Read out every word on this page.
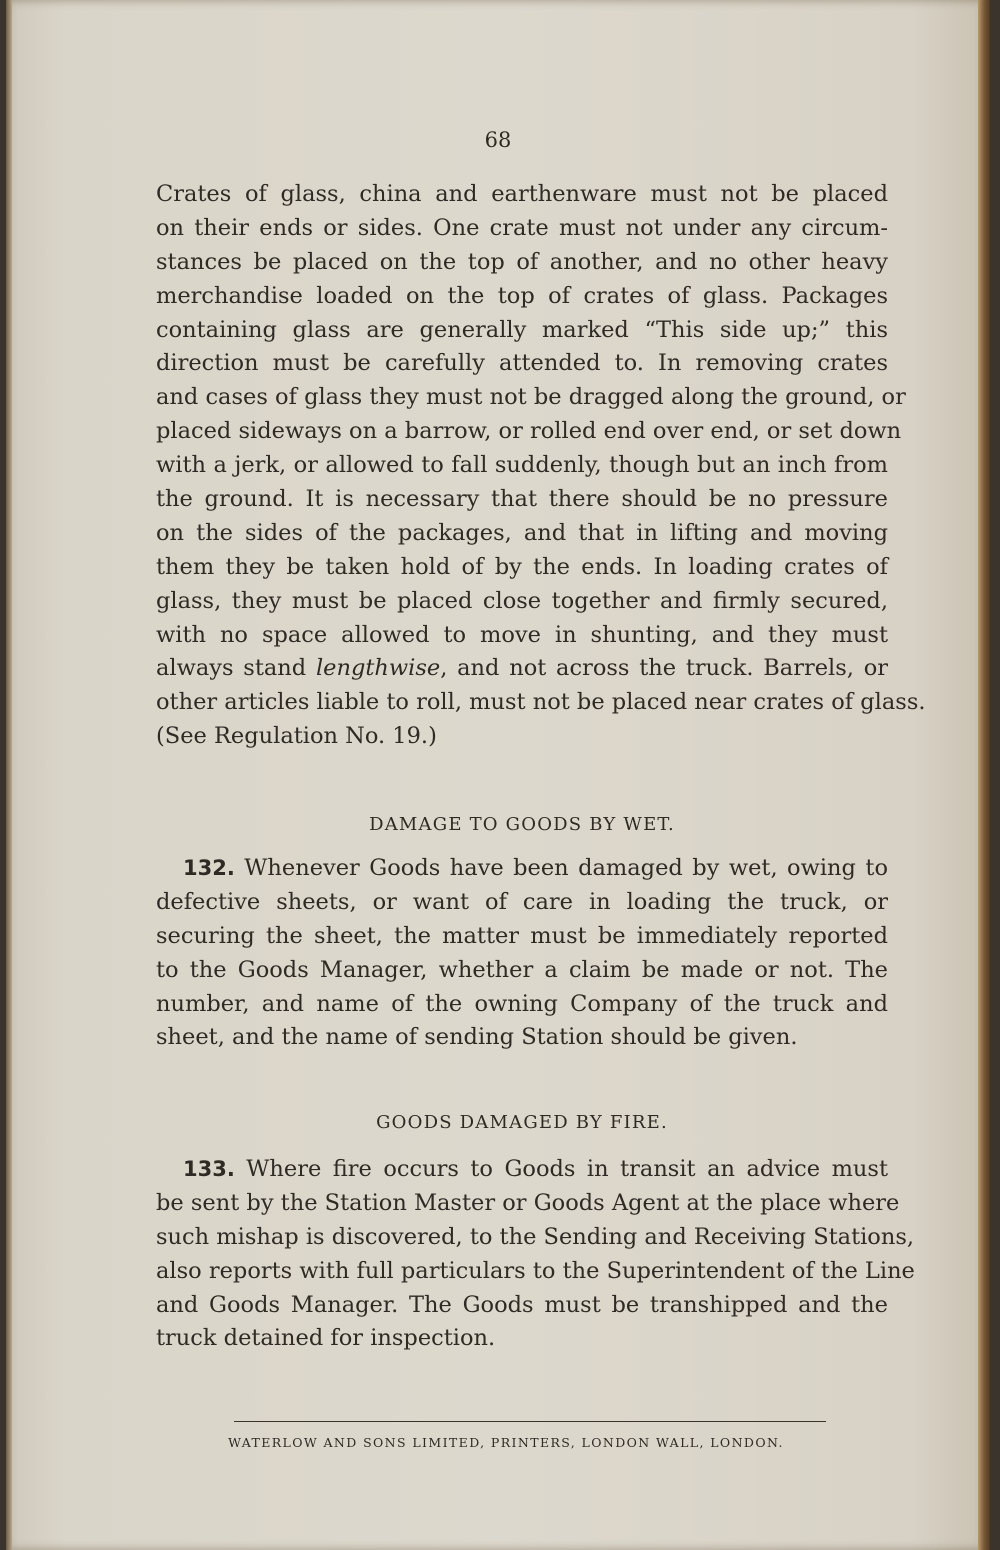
68
Crates of glass, china and earthenware must not be placed
on their ends or sides. One crate must not under any circum-
stances be placed on the top of another, and no other heavy
merchandise loaded on the top of crates of glass. Packages
containing glass are generally marked “This side up;” this
direction must be carefully attended to. In removing crates
and cases of glass they must not be dragged along the ground, or
placed sideways on a barrow, or rolled end over end, or set down
with a jerk, or allowed to fall suddenly, though but an inch from
the ground. It is necessary that there should be no pressure
on the sides of the packages, and that in lifting and moving
them they be taken hold of by the ends. In loading crates of
glass, they must be placed close together and firmly secured,
with no space allowed to move in shunting, and they must
always stand lengthwise, and not across the truck. Barrels, or
other articles liable to roll, must not be placed near crates of glass.
(See Regulation No. 19.)
DAMAGE TO GOODS BY WET.
132. Whenever Goods have been damaged by wet, owing to
defective sheets, or want of care in loading the truck, or
securing the sheet, the matter must be immediately reported
to the Goods Manager, whether a claim be made or not. The
number, and name of the owning Company of the truck and
sheet, and the name of sending Station should be given.
GOODS DAMAGED BY FIRE.
133. Where fire occurs to Goods in transit an advice must
be sent by the Station Master or Goods Agent at the place where
such mishap is discovered, to the Sending and Receiving Stations,
also reports with full particulars to the Superintendent of the Line
and Goods Manager. The Goods must be transhipped and the
truck detained for inspection.
WATERLOW AND SONS LIMITED, PRINTERS, LONDON WALL, LONDON.
